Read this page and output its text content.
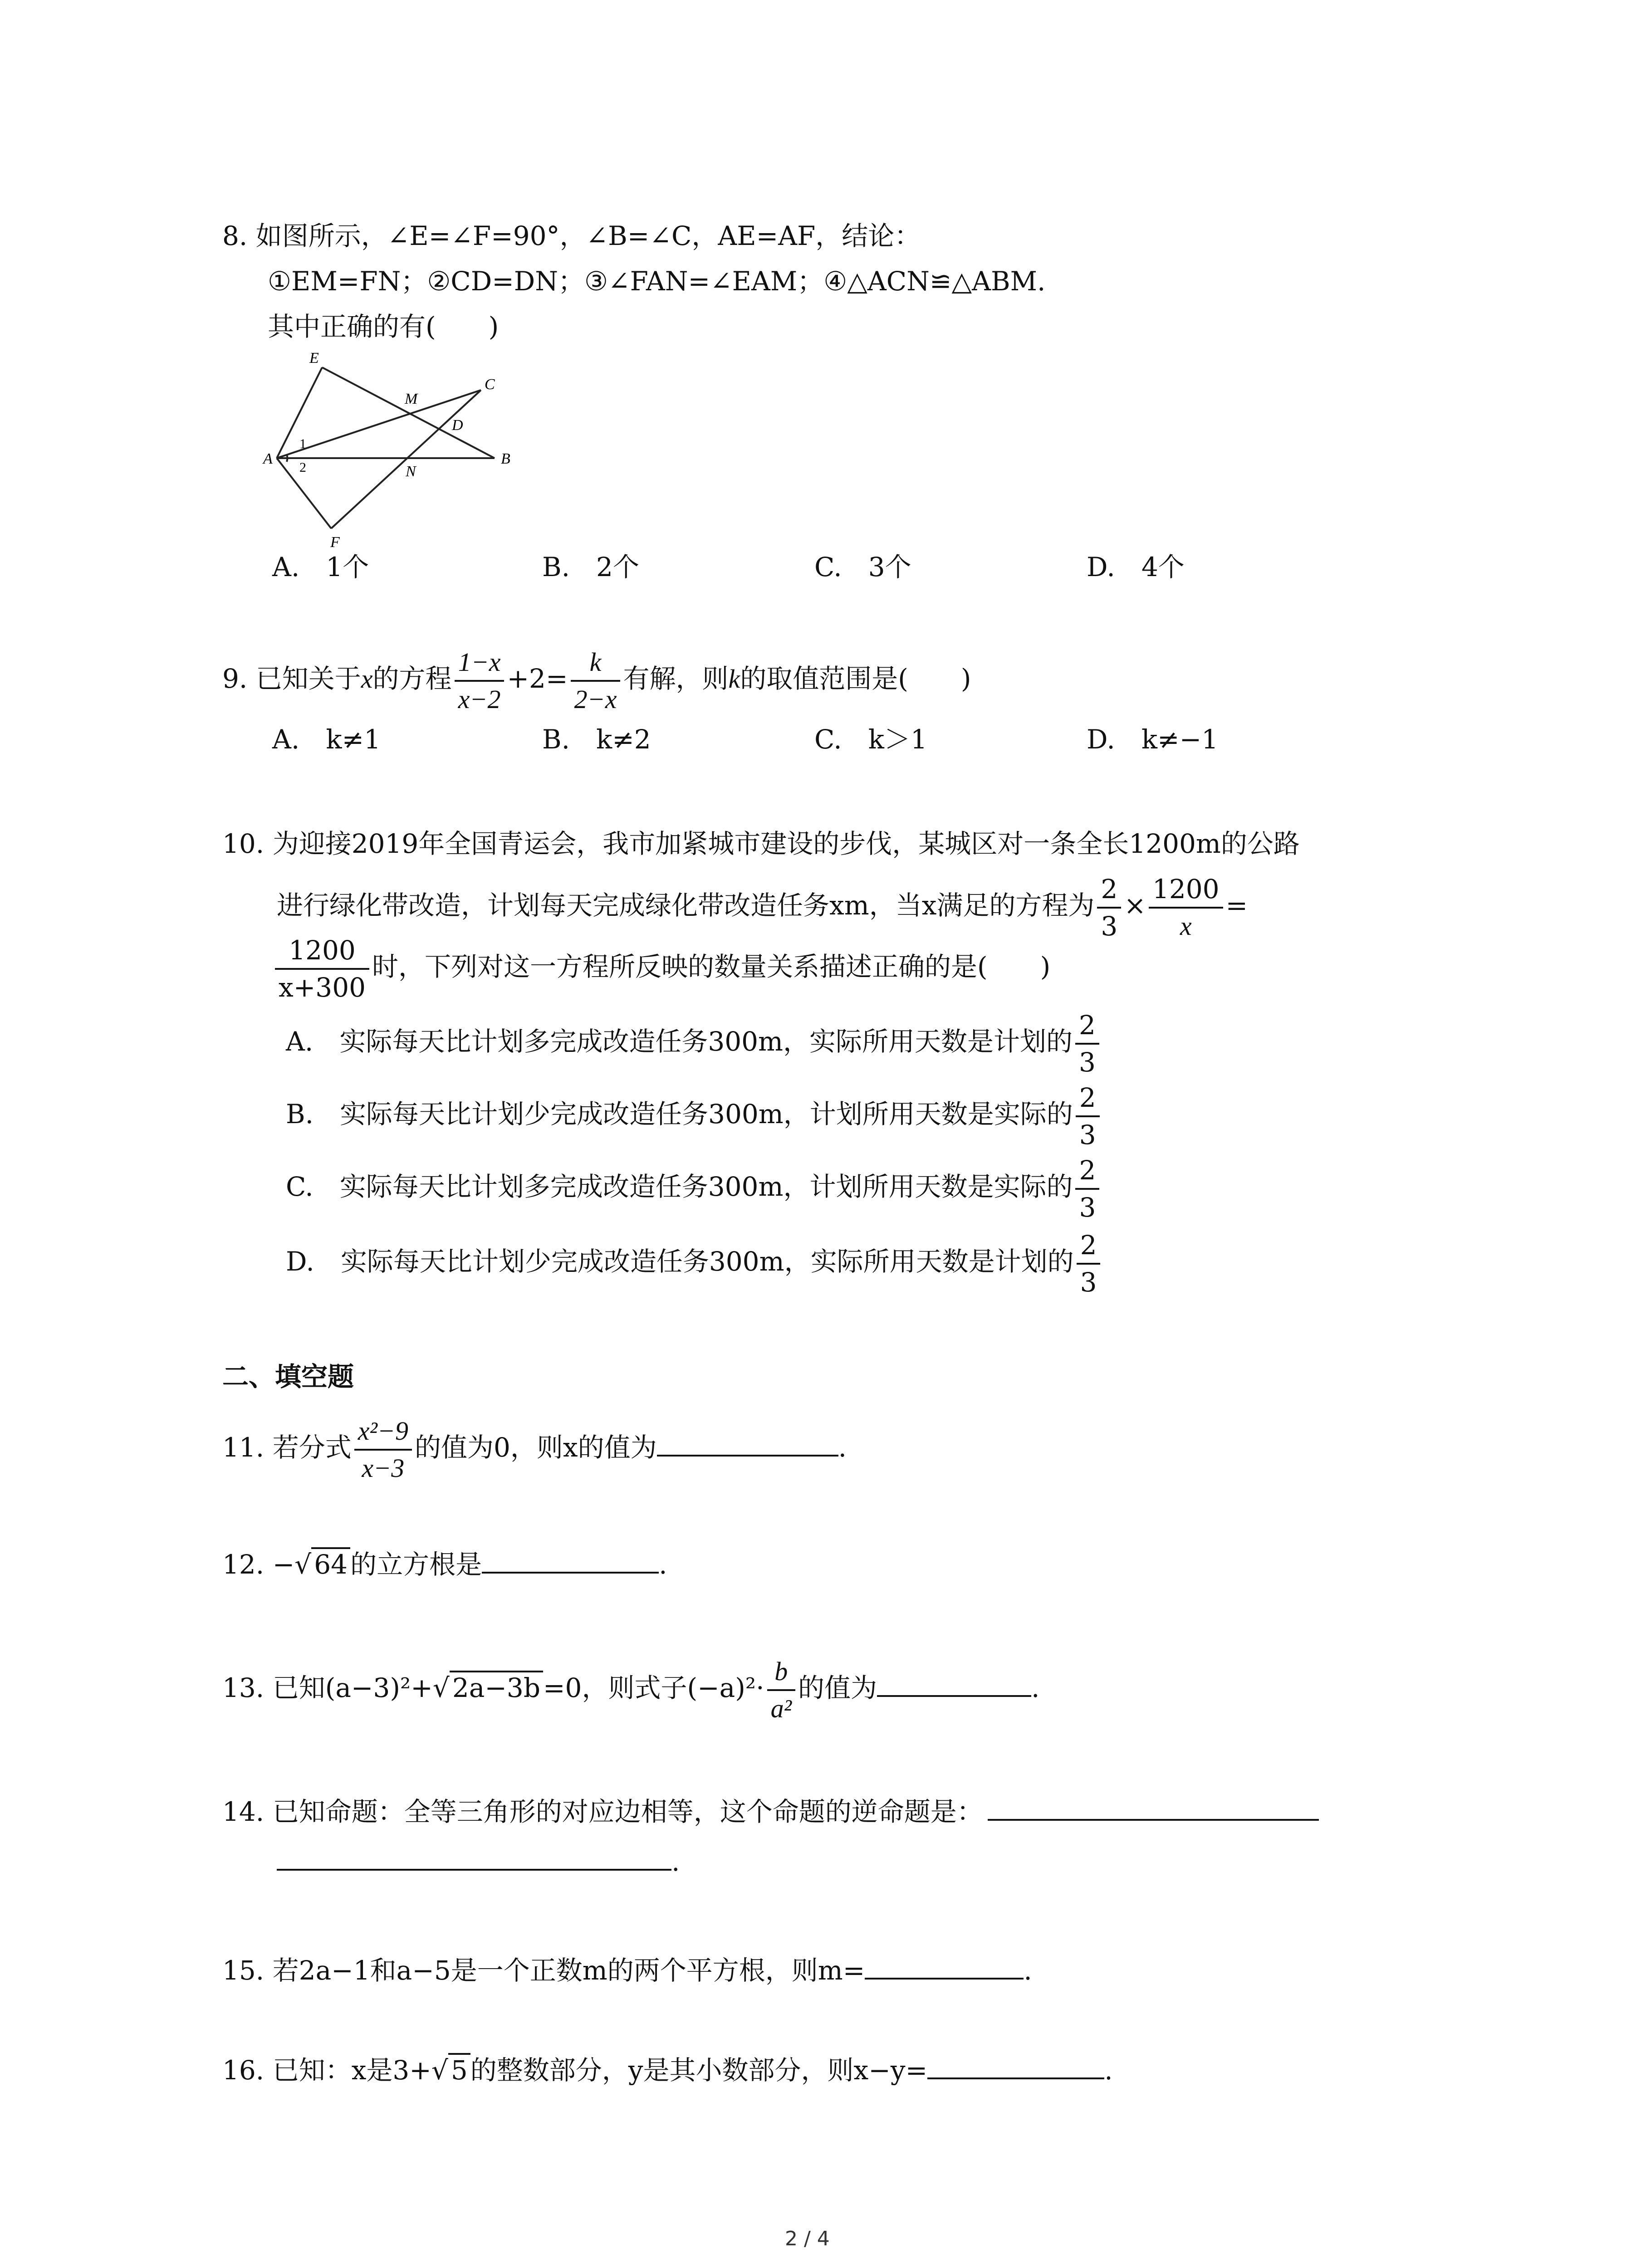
8. 如图所示，∠E=∠F=90°，∠B=∠C，AE=AF，结论：
①EM=FN；②CD=DN；③∠FAN=∠EAM；④△ACN≌△ABM.
其中正确的有(　　)
E
M
C
D
A
1
2	N
B
F
A.　1个	B.　2个	C.　3个	D.　4个
9. 已知关于x的方程 $\frac{1-x}{x-2} +2= \frac{k}{2-x}$ 有解，则k的取值范围是(　　)
A.　k≠1	B.　k≠2	C.　k＞1	D.　k≠−1
10. 为迎接2019年全国青运会，我市加紧城市建设的步伐，某城区对一条全长1200m的公路
进行绿化带改造，计划每天完成绿化带改造任务xm，当x满足的方程为 $\frac{2}{3} \times \frac{1200}{x}$ =
$\frac{1200}{x+300}$ 时，下列对这一方程所反映的数量关系描述正确的是(　　)
A.　实际每天比计划多完成改造任务300m，实际所用天数是计划的 $\frac{2}{3}$
B.　实际每天比计划少完成改造任务300m，计划所用天数是实际的 $\frac{2}{3}$
C.　实际每天比计划多完成改造任务300m，计划所用天数是实际的 $\frac{2}{3}$
D.　实际每天比计划少完成改造任务300m，实际所用天数是计划的 $\frac{2}{3}$
二、填空题
11. 若分式 $\frac{\text{x²−9}}{x-3}$ 的值为0，则x的值为	.
12. −√ 64 的立方根是	.
13. 已知(a−3)²+√ 2a−3b =0，则式子$(-a)^2\cdot \frac{b}{\text{a²}}$ 的值为	.
14. 已知命题：全等三角形的对应边相等，这个命题的逆命题是：
.
15. 若2a−1和a−5是一个正数m的两个平方根，则m=	.
16. 已知：x是3+√ 5 的整数部分，y是其小数部分，则x−y=	.
2 / 4
